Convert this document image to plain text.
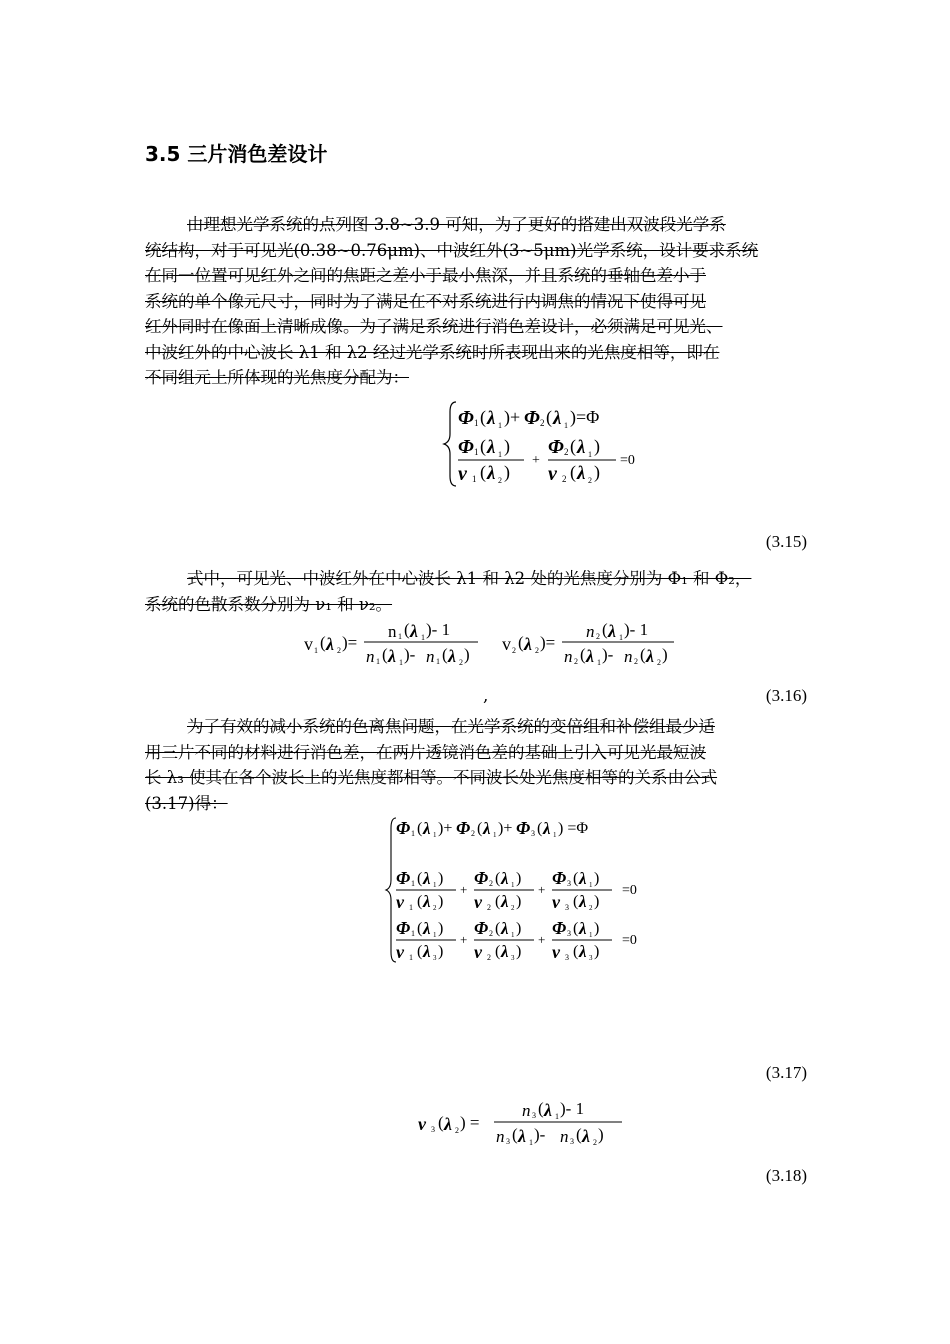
3.5 三片消色差设计
由理想光学系统的点列图 3.8~3.9 可知，为了更好的搭建出双波段光学系
统结构，对于可见光(0.38~0.76μm)、中波红外(3~5μm)光学系统，设计要求系统
在同一位置可见红外之间的焦距之差小于最小焦深，并且系统的垂轴色差小于
系统的单个像元尺寸，同时为了满足在不对系统进行内调焦的情况下使得可见
红外同时在像面上清晰成像。为了满足系统进行消色差设计，必须满足可见光、
中波红外的中心波长 λ1 和 λ2 经过光学系统时所表现出来的光焦度相等，即在
不同组元上所体现的光焦度分配为：
Φ 1 ( λ 1 )+ Φ 2 ( λ 1 )=Φ
Φ 1 ( λ 1 )
ν 1 ( λ 2 )
+
Φ 2 ( λ 1 )
ν 2 ( λ 2 )
=0
(3.15)
式中，可见光、中波红外在中心波长 λ1 和 λ2 处的光焦度分别为 Φ₁ 和 Φ₂，
系统的色散系数分别为 ν₁ 和 ν₂。
v 1 ( λ 2 )=
n 1 ( λ 1 )- 1
n 1 ( λ 1 )- n 1 ( λ 2 )
v 2 ( λ 2 )=
n 2 ( λ 1 )- 1
n 2 ( λ 1 )- n 2 ( λ 2 )
,	(3.16)
为了有效的减小系统的色离焦问题，在光学系统的变倍组和补偿组最少适
用三片不同的材料进行消色差，在两片透镜消色差的基础上引入可见光最短波
长 λ₃ 使其在各个波长上的光焦度都相等。不同波长处光焦度相等的关系由公式
(3.17)得：
Φ 1 ( λ 1 )+ Φ 2 ( λ 1 )+ Φ 3 ( λ 1 ) =Φ
Φ 1 ( λ 1 )
ν 1 ( λ 2 )
+
Φ 2 ( λ 1 )
ν 2 ( λ 2 )
+
Φ 3 ( λ 1 )
ν 3 ( λ 2 )
=0
Φ 1 ( λ 1 )
ν 1 ( λ 3 )
+
Φ 2 ( λ 1 )
ν 2 ( λ 3 )
+
Φ 3 ( λ 1 )
ν 3 ( λ 3 )
=0
(3.17)
ν 3 ( λ 2 ) =
n 3 ( λ 1 )- 1
n 3 ( λ 1 )- n 3 ( λ 2 )
(3.18)
